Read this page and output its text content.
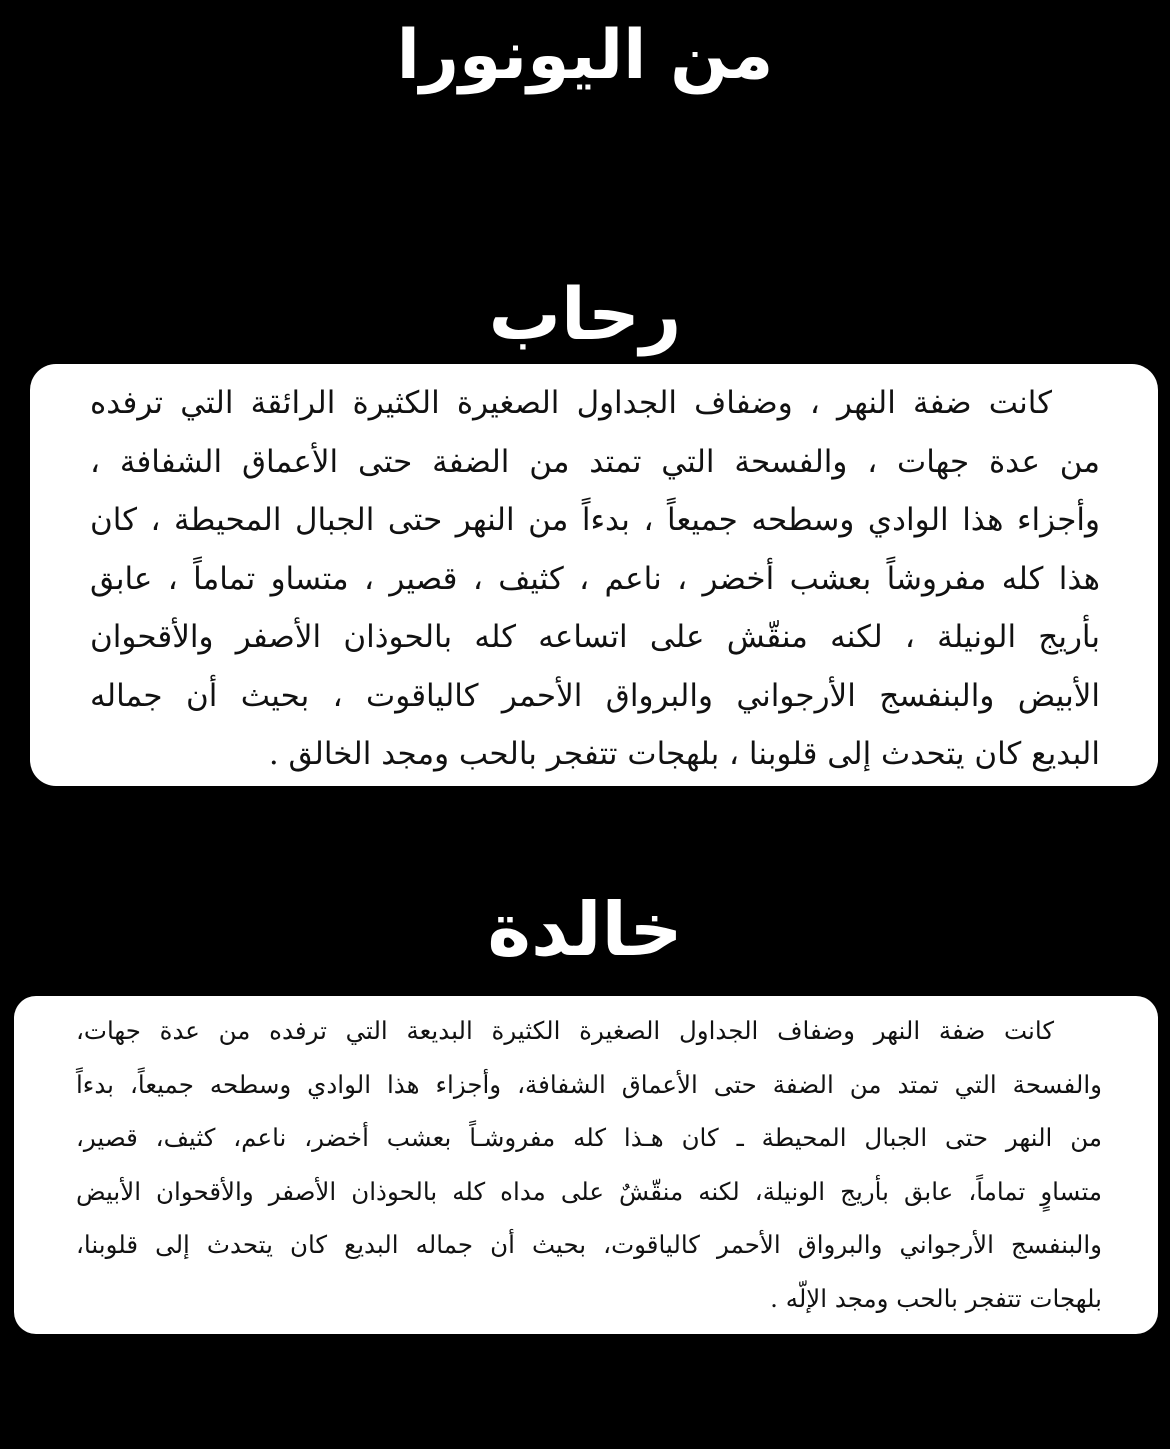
من اليونورا
رحاب
كانت ضفة النهر ، وضفاف الجداول الصغيرة الكثيرة الرائقة التي ترفده
من عدة جهات ، والفسحة التي تمتد من الضفة حتى الأعماق الشفافة ،
وأجزاء هذا الوادي وسطحه جميعاً ، بدءاً من النهر حتى الجبال المحيطة ، كان
هذا كله مفروشاً بعشب أخضر ، ناعم ، كثيف ، قصير ، متساو تماماً ، عابق
بأريج الونيلة ، لكنه منقّش على اتساعه كله بالحوذان الأصفر والأقحوان
الأبيض والبنفسج الأرجواني والبرواق الأحمر كالياقوت ، بحيث أن جماله
البديع كان يتحدث إلى قلوبنا ، بلهجات تتفجر بالحب ومجد الخالق .
خالدة
كانت ضفة النهر وضفاف الجداول الصغيرة الكثيرة البديعة التي ترفده من عدة جهات،
والفسحة التي تمتد من الضفة حتى الأعماق الشفافة، وأجزاء هذا الوادي وسطحه جميعاً، بدءاً
من النهر حتى الجبال المحيطة ـ كان هـذا كله مفروشـاً بعشب أخضر، ناعم، كثيف، قصير،
متساوٍ تماماً، عابق بأريج الونيلة، لكنه منقّشٌ على مداه كله بالحوذان الأصفر والأقحوان الأبيض
والبنفسج الأرجواني والبرواق الأحمر كالياقوت، بحيث أن جماله البديع كان يتحدث إلى قلوبنا،
بلهجات تتفجر بالحب ومجد الإلّه .
